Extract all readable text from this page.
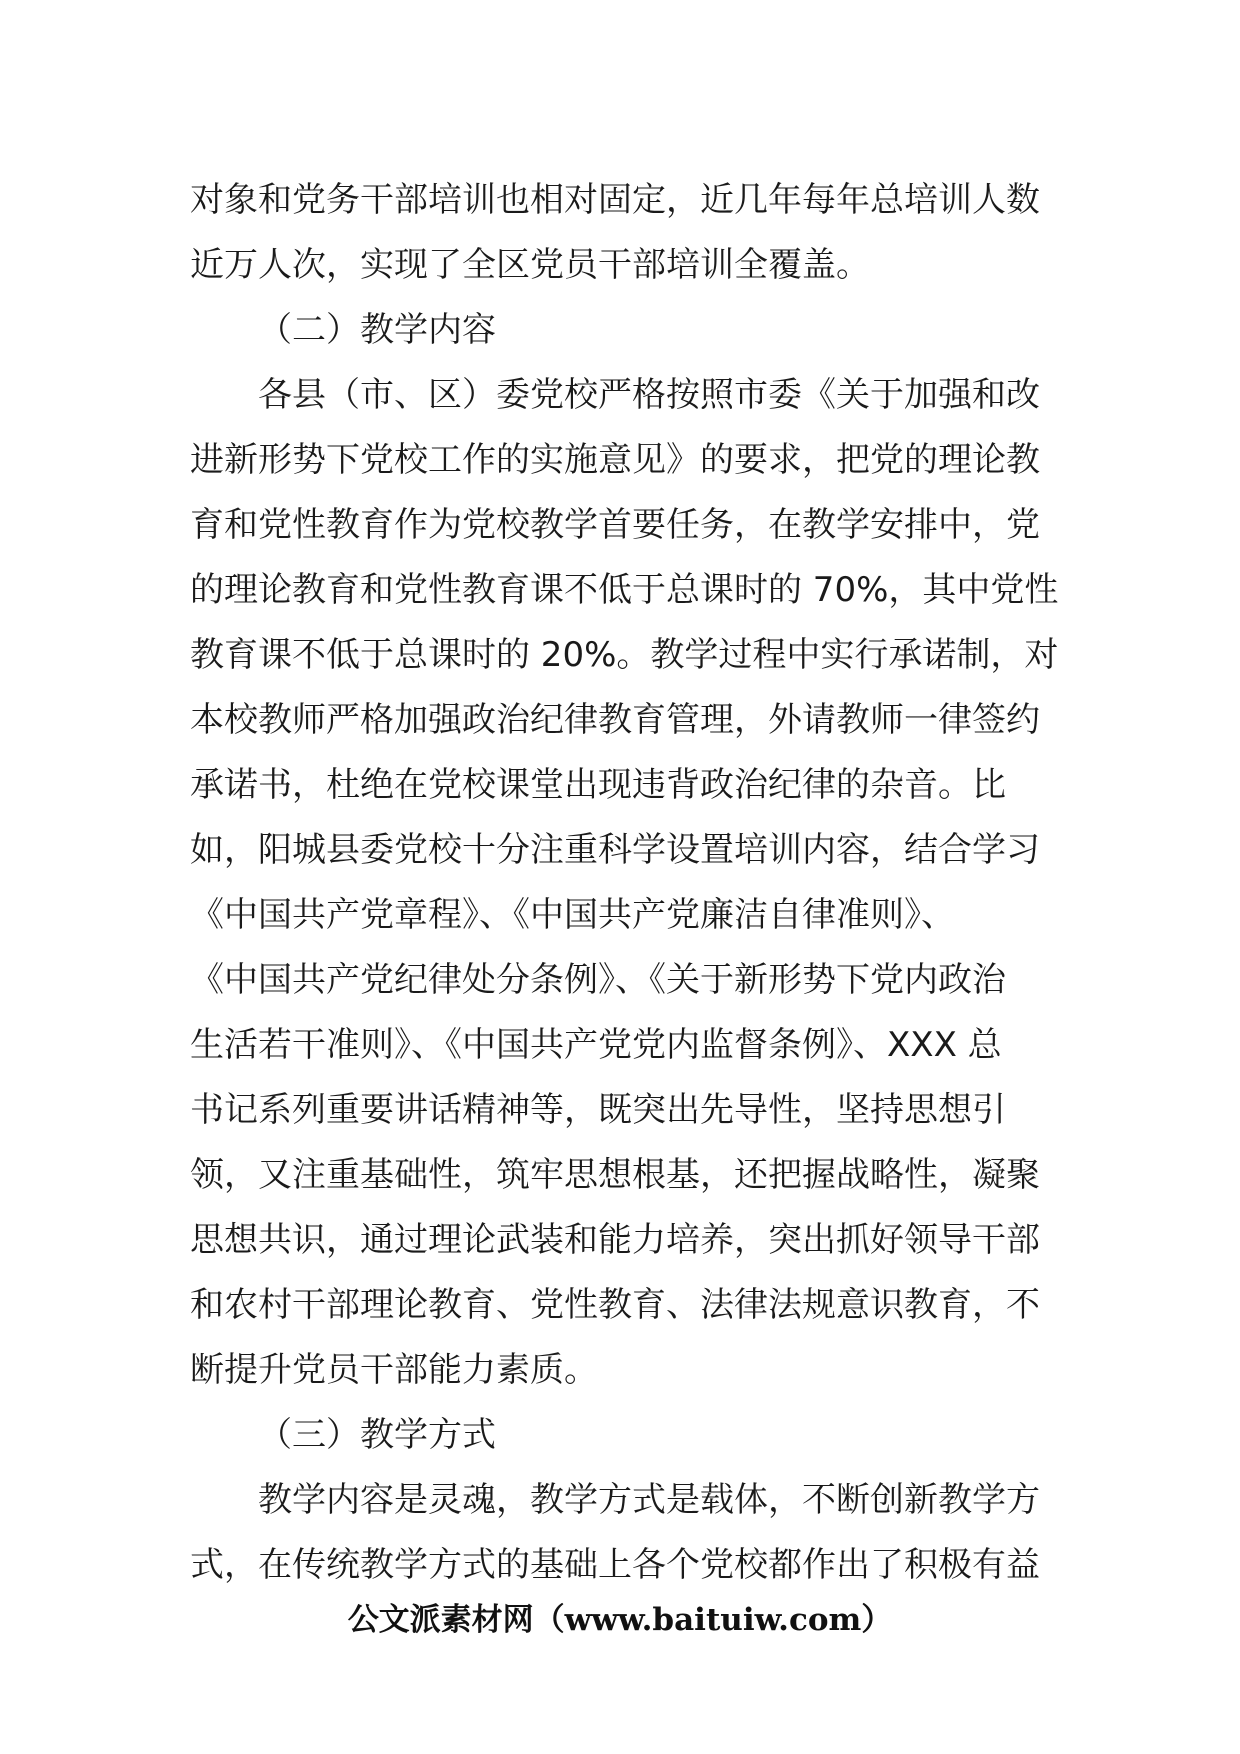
对象和党务干部培训也相对固定，近几年每年总培训人数
近万人次，实现了全区党员干部培训全覆盖。
（二）教学内容
各县（市、区）委党校严格按照市委《关于加强和改
进新形势下党校工作的实施意见》的要求，把党的理论教
育和党性教育作为党校教学首要任务，在教学安排中，党
的理论教育和党性教育课不低于总课时的 70%，其中党性
教育课不低于总课时的 20%。教学过程中实行承诺制，对
本校教师严格加强政治纪律教育管理，外请教师一律签约
承诺书，杜绝在党校课堂出现违背政治纪律的杂音。比
如，阳城县委党校十分注重科学设置培训内容，结合学习
《中国共产党章程》、《中国共产党廉洁自律准则》、
《中国共产党纪律处分条例》、《关于新形势下党内政治
生活若干准则》、《中国共产党党内监督条例》、XXX 总
书记系列重要讲话精神等，既突出先导性，坚持思想引
领，又注重基础性，筑牢思想根基，还把握战略性，凝聚
思想共识，通过理论武装和能力培养，突出抓好领导干部
和农村干部理论教育、党性教育、法律法规意识教育，不
断提升党员干部能力素质。
（三）教学方式
教学内容是灵魂，教学方式是载体，不断创新教学方
式，在传统教学方式的基础上各个党校都作出了积极有益
公文派素材网（www.baituiw.com）
